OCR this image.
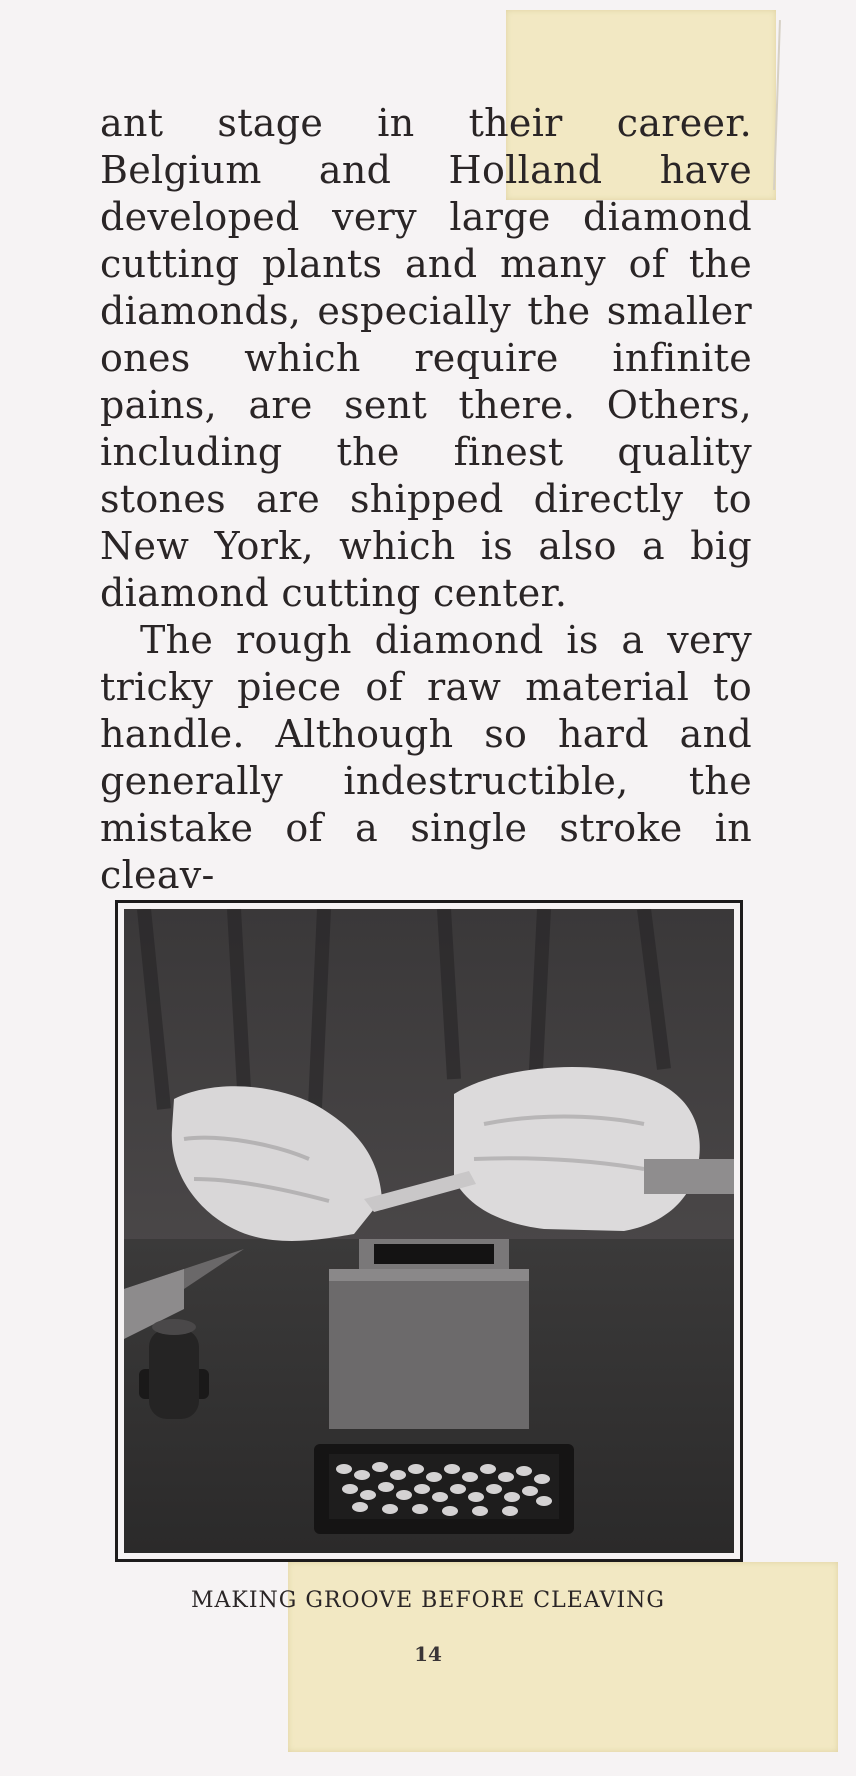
ant stage in their career. Belgium and Holland have developed very large diamond cutting plants and many of the diamonds, especially the smaller ones which require infinite pains, are sent there. Others, including the finest quality stones are shipped directly to New York, which is also a big diamond cutting center.

The rough diamond is a very tricky piece of raw material to handle. Although so hard and generally indestructible, the mistake of a single stroke in cleav-

MAKING GROOVE BEFORE CLEAVING
14
